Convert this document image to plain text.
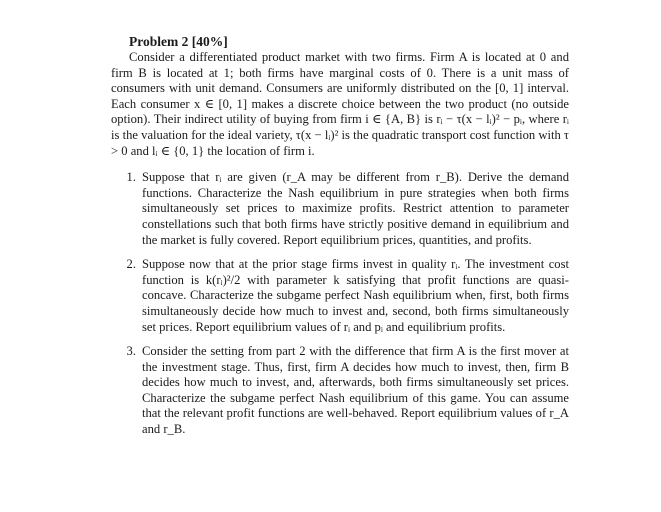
Problem 2 [40%]
Consider a differentiated product market with two firms. Firm A is located at 0 and firm B is located at 1; both firms have marginal costs of 0. There is a unit mass of consumers with unit demand. Consumers are uniformly distributed on the [0, 1] interval. Each consumer x ∈ [0, 1] makes a discrete choice between the two product (no outside option). Their indirect utility of buying from firm i ∈ {A, B} is rᵢ − τ(x − lᵢ)² − pᵢ, where rᵢ is the valuation for the ideal variety, τ(x − lᵢ)² is the quadratic transport cost function with τ > 0 and lᵢ ∈ {0, 1} the location of firm i.
1. Suppose that rᵢ are given (r_A may be different from r_B). Derive the demand functions. Characterize the Nash equilibrium in pure strategies when both firms simultaneously set prices to maximize profits. Restrict attention to parameter constellations such that both firms have strictly positive demand in equilibrium and the market is fully covered. Report equilibrium prices, quantities, and profits.
2. Suppose now that at the prior stage firms invest in quality rᵢ. The investment cost function is k(rᵢ)²/2 with parameter k satisfying that profit functions are quasi-concave. Characterize the subgame perfect Nash equilibrium when, first, both firms simultaneously decide how much to invest and, second, both firms simultaneously set prices. Report equilibrium values of rᵢ and pᵢ and equilibrium profits.
3. Consider the setting from part 2 with the difference that firm A is the first mover at the investment stage. Thus, first, firm A decides how much to invest, then, firm B decides how much to invest, and, afterwards, both firms simultaneously set prices. Characterize the subgame perfect Nash equilibrium of this game. You can assume that the relevant profit functions are well-behaved. Report equilibrium values of r_A and r_B.
